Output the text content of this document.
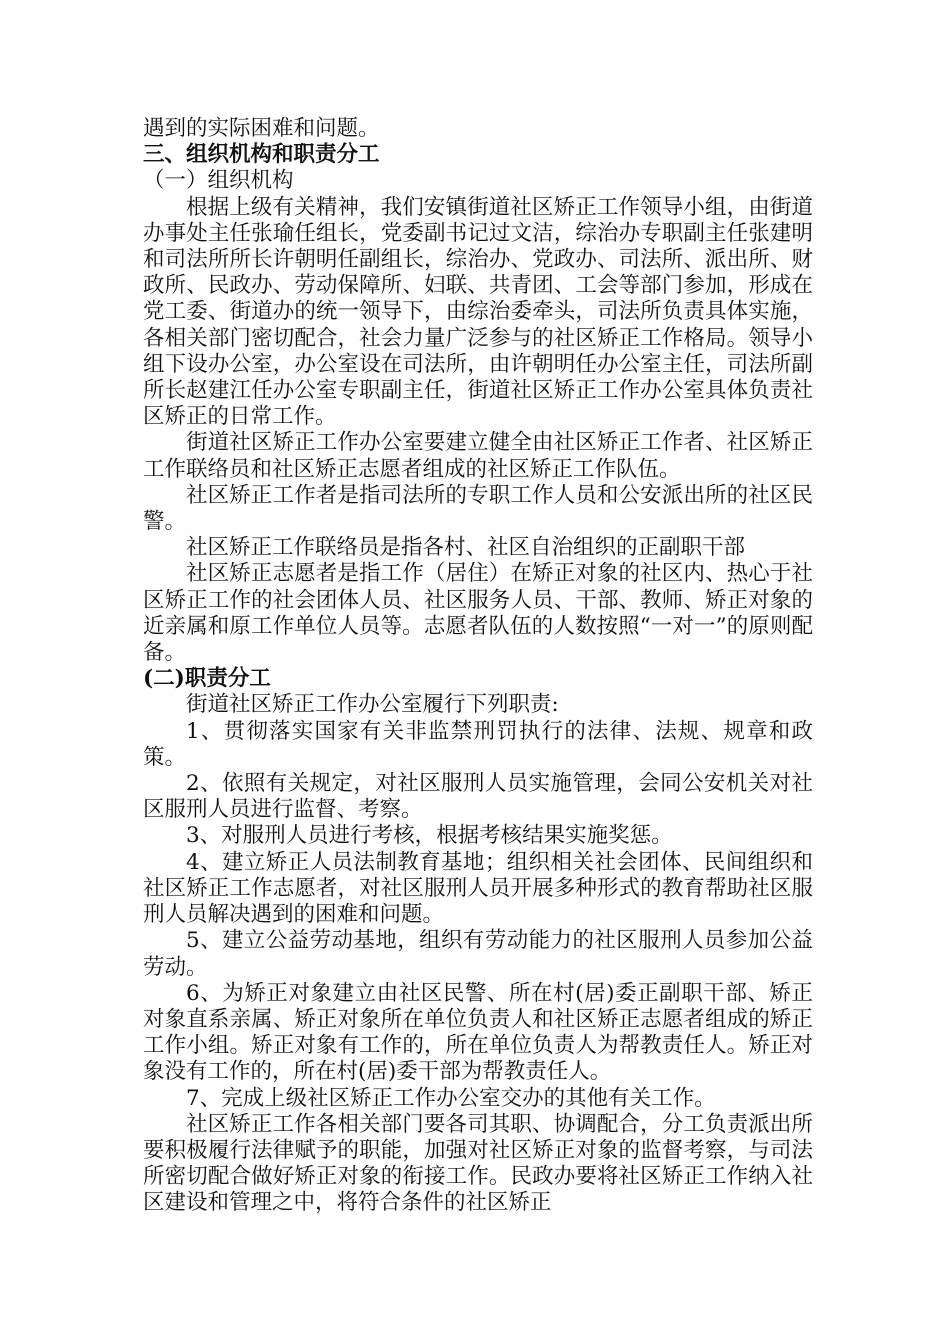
遇到的实际困难和问题。

三、组织机构和职责分工

（一）组织机构

根据上级有关精神，我们安镇街道社区矫正工作领导小组，由街道办事处主任张瑜任组长，党委副书记过文洁，综治办专职副主任张建明和司法所所长许朝明任副组长，综治办、党政办、司法所、派出所、财政所、民政办、劳动保障所、妇联、共青团、工会等部门参加，形成在党工委、街道办的统一领导下，由综治委牵头，司法所负责具体实施，各相关部门密切配合，社会力量广泛参与的社区矫正工作格局。领导小组下设办公室，办公室设在司法所，由许朝明任办公室主任，司法所副所长赵建江任办公室专职副主任，街道社区矫正工作办公室具体负责社区矫正的日常工作。

街道社区矫正工作办公室要建立健全由社区矫正工作者、社区矫正工作联络员和社区矫正志愿者组成的社区矫正工作队伍。

社区矫正工作者是指司法所的专职工作人员和公安派出所的社区民警。

社区矫正工作联络员是指各村、社区自治组织的正副职干部

社区矫正志愿者是指工作（居住）在矫正对象的社区内、热心于社区矫正工作的社会团体人员、社区服务人员、干部、教师、矫正对象的近亲属和原工作单位人员等。志愿者队伍的人数按照“一对一”的原则配备。

(二)职责分工

街道社区矫正工作办公室履行下列职责:

1、贯彻落实国家有关非监禁刑罚执行的法律、法规、规章和政策。

2、依照有关规定，对社区服刑人员实施管理，会同公安机关对社区服刑人员进行监督、考察。

3、对服刑人员进行考核，根据考核结果实施奖惩。

4、建立矫正人员法制教育基地；组织相关社会团体、民间组织和社区矫正工作志愿者，对社区服刑人员开展多种形式的教育帮助社区服刑人员解决遇到的困难和问题。

5、建立公益劳动基地，组织有劳动能力的社区服刑人员参加公益劳动。

6、为矫正对象建立由社区民警、所在村(居)委正副职干部、矫正对象直系亲属、矫正对象所在单位负责人和社区矫正志愿者组成的矫正工作小组。矫正对象有工作的，所在单位负责人为帮教责任人。矫正对象没有工作的，所在村(居)委干部为帮教责任人。

7、完成上级社区矫正工作办公室交办的其他有关工作。

社区矫正工作各相关部门要各司其职、协调配合，分工负责派出所要积极履行法律赋予的职能，加强对社区矫正对象的监督考察，与司法所密切配合做好矫正对象的衔接工作。民政办要将社区矫正工作纳入社区建设和管理之中，将符合条件的社区矫正
